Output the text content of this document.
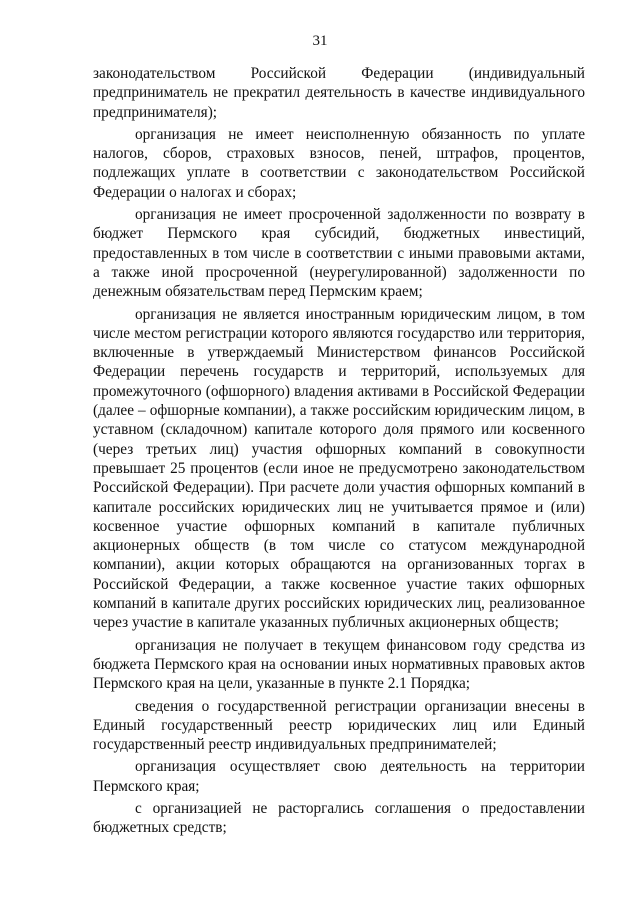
31

законодательством Российской Федерации (индивидуальный предприниматель не прекратил деятельность в качестве индивидуального предпринимателя);

организация не имеет неисполненную обязанность по уплате налогов, сборов, страховых взносов, пеней, штрафов, процентов, подлежащих уплате в соответствии с законодательством Российской Федерации о налогах и сборах;

организация не имеет просроченной задолженности по возврату в бюджет Пермского края субсидий, бюджетных инвестиций, предоставленных в том числе в соответствии с иными правовыми актами, а также иной просроченной (неурегулированной) задолженности по денежным обязательствам перед Пермским краем;

организация не является иностранным юридическим лицом, в том числе местом регистрации которого являются государство или территория, включенные в утверждаемый Министерством финансов Российской Федерации перечень государств и территорий, используемых для промежуточного (офшорного) владения активами в Российской Федерации (далее – офшорные компании), а также российским юридическим лицом, в уставном (складочном) капитале которого доля прямого или косвенного (через третьих лиц) участия офшорных компаний в совокупности превышает 25 процентов (если иное не предусмотрено законодательством Российской Федерации). При расчете доли участия офшорных компаний в капитале российских юридических лиц не учитывается прямое и (или) косвенное участие офшорных компаний в капитале публичных акционерных обществ (в том числе со статусом международной компании), акции которых обращаются на организованных торгах в Российской Федерации, а также косвенное участие таких офшорных компаний в капитале других российских юридических лиц, реализованное через участие в капитале указанных публичных акционерных обществ;

организация не получает в текущем финансовом году средства из бюджета Пермского края на основании иных нормативных правовых актов Пермского края на цели, указанные в пункте 2.1 Порядка;

сведения о государственной регистрации организации внесены в Единый государственный реестр юридических лиц или Единый государственный реестр индивидуальных предпринимателей;

организация осуществляет свою деятельность на территории Пермского края;

с организацией не расторгались соглашения о предоставлении бюджетных средств;
